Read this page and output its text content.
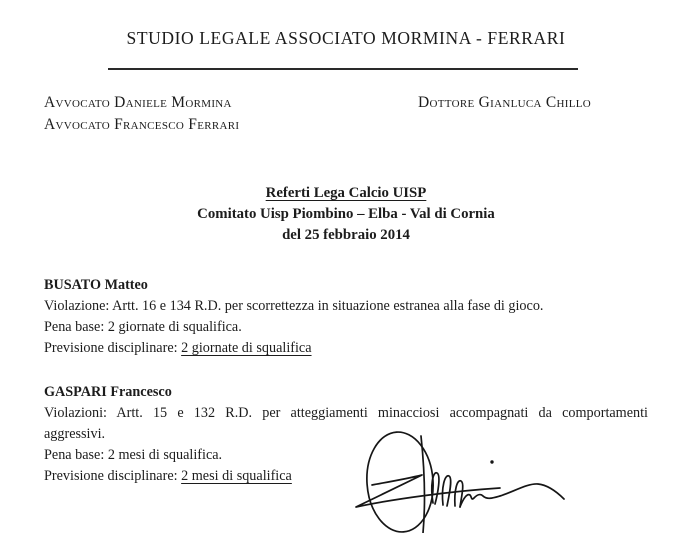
STUDIO LEGALE ASSOCIATO MORMINA - FERRARI
Avvocato Daniele Mormina
Avvocato Francesco Ferrari
Dottore Gianluca Chillo
Referti Lega Calcio UISP
Comitato Uisp Piombino – Elba - Val di Cornia
del 25 febbraio 2014
BUSATO Matteo
Violazione: Artt. 16 e 134 R.D. per scorrettezza in situazione estranea alla fase di gioco.
Pena base: 2 giornate di squalifica.
Previsione disciplinare: 2 giornate di squalifica
GASPARI Francesco
Violazioni: Artt. 15 e 132 R.D. per atteggiamenti minacciosi accompagnati da comportamenti
aggressivi.
Pena base: 2 mesi di squalifica.
Previsione disciplinare: 2 mesi di squalifica
